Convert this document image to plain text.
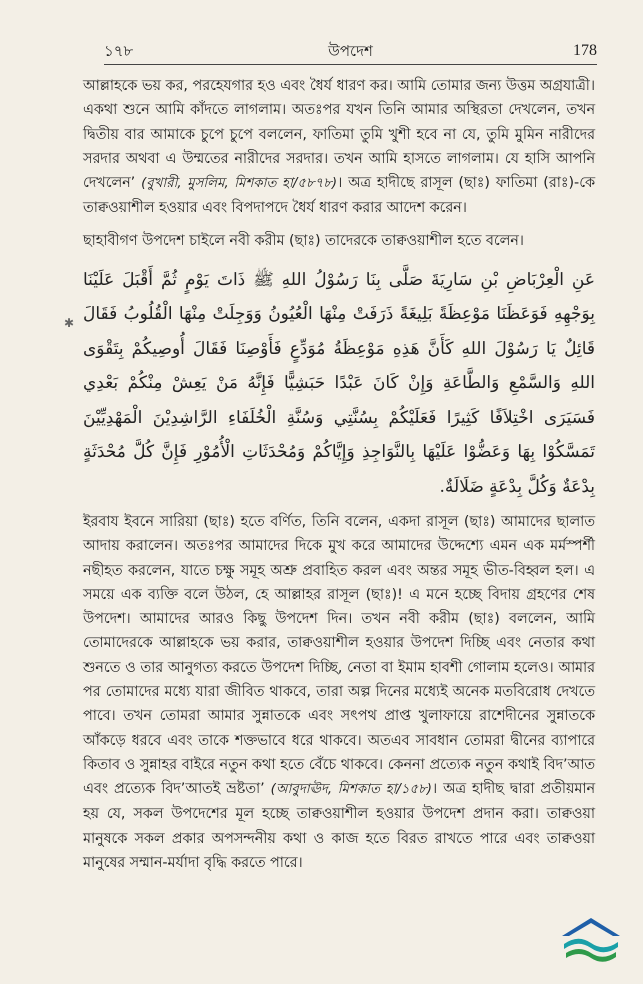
১৭৮	উপদেশ	178
✱

আল্লাহকে ভয় কর, পরহেযগার হও এবং ধৈর্য ধারণ কর। আমি তোমার জন্য উত্তম অগ্রযাত্রী। একথা শুনে আমি কাঁদতে লাগলাম। অতঃপর যখন তিনি আমার অস্থিরতা দেখলেন, তখন দ্বিতীয় বার আমাকে চুপে চুপে বললেন, ফাতিমা তুমি খুশী হবে না যে, তুমি মুমিন নারীদের সরদার অথবা এ উম্মতের নারীদের সরদার। তখন আমি হাসতে লাগলাম। যে হাসি আপনি দেখলেন’ (বুখারী, মুসলিম, মিশকাত হা/৫৮৭৮)। অত্র হাদীছে রাসূল (ছাঃ) ফাতিমা (রাঃ)-কে তাক্বওয়াশীল হওয়ার এবং বিপদাপদে ধৈর্য ধারণ করার আদেশ করেন।

ছাহাবীগণ উপদেশ চাইলে নবী করীম (ছাঃ) তাদেরকে তাক্বওয়াশীল হতে বলেন।

عَنِ الْعِرْبَاضِ بْنِ سَارِيَةَ صَلَّى بِنَا رَسُوْلُ اللهِ ﷺ ذَاتَ يَوْمٍ ثُمَّ أَقْبَلَ عَلَيْنَا بِوَجْهِهِ فَوَعَظَنَا مَوْعِظَةً بَلِيغَةً ذَرَفَتْ مِنْهَا الْعُيُونُ وَوَجِلَتْ مِنْهَا الْقُلُوبُ فَقَالَ قَائِلٌ يَا رَسُوْلَ اللهِ كَأَنَّ هَذِهِ مَوْعِظَةُ مُوَدِّعٍ فَأَوْصِنَا فَقَالَ أُوصِيكُمْ بِتَقْوَى اللهِ وَالسَّمْعِ وَالطَّاعَةِ وَإِنْ كَانَ عَبْدًا حَبَشِيًّا فَإِنَّهُ مَنْ يَعِشْ مِنْكُمْ بَعْدِي فَسَيَرَى اخْتِلاَفًا كَثِيرًا فَعَلَيْكُمْ بِسُنَّتِي وَسُنَّةِ الْخُلَفَاءِ الرَّاشِدِيْنَ الْمَهْدِيِّيْنَ تَمَسَّكُوْا بِهَا وَعَضُّوْا عَلَيْهَا بِالنَّوَاجِذِ وَإِيَّاكُمْ وَمُحْدَثَاتِ الْأُمُوْرِ فَإِنَّ كُلَّ مُحْدَثَةٍ بِدْعَةٌ وَكُلَّ بِدْعَةٍ ضَلَالَةٌ.

ইরবায ইবনে সারিয়া (ছাঃ) হতে বর্ণিত, তিনি বলেন, একদা রাসূল (ছাঃ) আমাদের ছালাত আদায় করালেন। অতঃপর আমাদের দিকে মুখ করে আমাদের উদ্দেশ্যে এমন এক মর্মস্পর্শী নছীহত করলেন, যাতে চক্ষু সমূহ অশ্রু প্রবাহিত করল এবং অন্তর সমূহ ভীত-বিহ্বল হল। এ সময়ে এক ব্যক্তি বলে উঠল, হে আল্লাহর রাসূল (ছাঃ)! এ মনে হচ্ছে বিদায় গ্রহণের শেষ উপদেশ। আমাদের আরও কিছু উপদেশ দিন। তখন নবী করীম (ছাঃ) বললেন, আমি তোমাদেরকে আল্লাহকে ভয় করার, তাক্বওয়াশীল হওয়ার উপদেশ দিচ্ছি এবং নেতার কথা শুনতে ও তার আনুগত্য করতে উপদেশ দিচ্ছি, নেতা বা ইমাম হাবশী গোলাম হলেও। আমার পর তোমাদের মধ্যে যারা জীবিত থাকবে, তারা অল্প দিনের মধ্যেই অনেক মতবিরোধ দেখতে পাবে। তখন তোমরা আমার সুন্নাতকে এবং সৎপথ প্রাপ্ত খুলাফায়ে রাশেদীনের সুন্নাতকে আঁকড়ে ধরবে এবং তাকে শক্তভাবে ধরে থাকবে। অতএব সাবধান তোমরা দ্বীনের ব্যাপারে কিতাব ও সুন্নাহর বাইরে নতুন কথা হতে বেঁচে থাকবে। কেননা প্রত্যেক নতুন কথাই বিদ’আত এবং প্রত্যেক বিদ’আতই ভ্রষ্টতা’ (আবুদাঊদ, মিশকাত হা/১৫৮)। অত্র হাদীছ দ্বারা প্রতীয়মান হয় যে, সকল উপদেশের মূল হচ্ছে তাক্বওয়াশীল হওয়ার উপদেশ প্রদান করা। তাক্বওয়া মানুষকে সকল প্রকার অপসন্দনীয় কথা ও কাজ হতে বিরত রাখতে পারে এবং তাক্বওয়া মানুষের সম্মান-মর্যাদা বৃদ্ধি করতে পারে।
